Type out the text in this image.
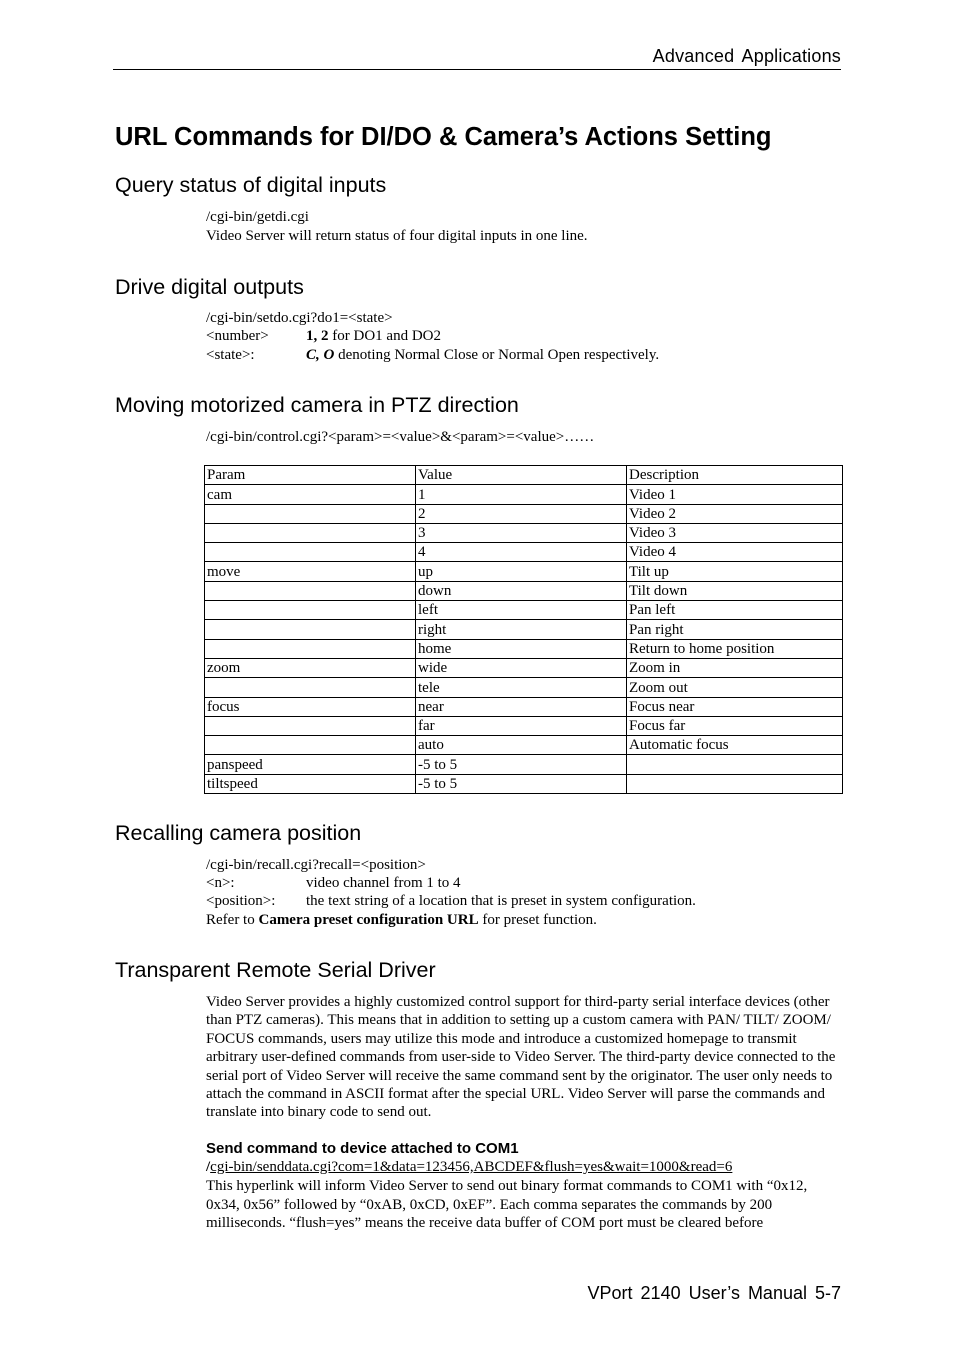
Advanced Applications
URL Commands for DI/DO & Camera’s Actions Setting
Query status of digital inputs
/cgi-bin/getdi.cgi
Video Server will return status of four digital inputs in one line.
Drive digital outputs
/cgi-bin/setdo.cgi?do1=<state>
<number> 1, 2 for DO1 and DO2
<state>:	C, O denoting Normal Close or Normal Open respectively.
Moving motorized camera in PTZ direction
/cgi-bin/control.cgi?<param>=<value>&<param>=<value>……
Param	Value	Description
cam	1	Video 1
	2	Video 2
	3	Video 3
	4	Video 4
move	up	Tilt up
	down	Tilt down
	left	Pan left
	right	Pan right
	home	Return to home position
zoom	wide	Zoom in
	tele	Zoom out
focus	near	Focus near
	far	Focus far
	auto	Automatic focus
panspeed	-5 to 5	
tiltspeed	-5 to 5	
Recalling camera position
/cgi-bin/recall.cgi?recall=<position>
<n>:	video channel from 1 to 4
<position>: the text string of a location that is preset in system configuration.
Refer to Camera preset configuration URL for preset function.
Transparent Remote Serial Driver

Video Server provides a highly customized control support for third-party serial interface devices (other than PTZ cameras). This means that in addition to setting up a custom camera with PAN/ TILT/ ZOOM/ FOCUS commands, users may utilize this mode and introduce a customized homepage to transmit arbitrary user-defined commands from user-side to Video Server. The third-party device connected to the serial port of Video Server will receive the same command sent by the originator. The user only needs to attach the command in ASCII format after the special URL. Video Server will parse the commands and translate into binary code to send out.

Send command to device attached to COM1
/cgi-bin/senddata.cgi?com=1&data=123456,ABCDEF&flush=yes&wait=1000&read=6
This hyperlink will inform Video Server to send out binary format commands to COM1 with “0x12, 0x34, 0x56” followed by “0xAB, 0xCD, 0xEF”. Each comma separates the commands by 200 milliseconds. “flush=yes” means the receive data buffer of COM port must be cleared before
VPort 2140 User’s Manual 5-7
